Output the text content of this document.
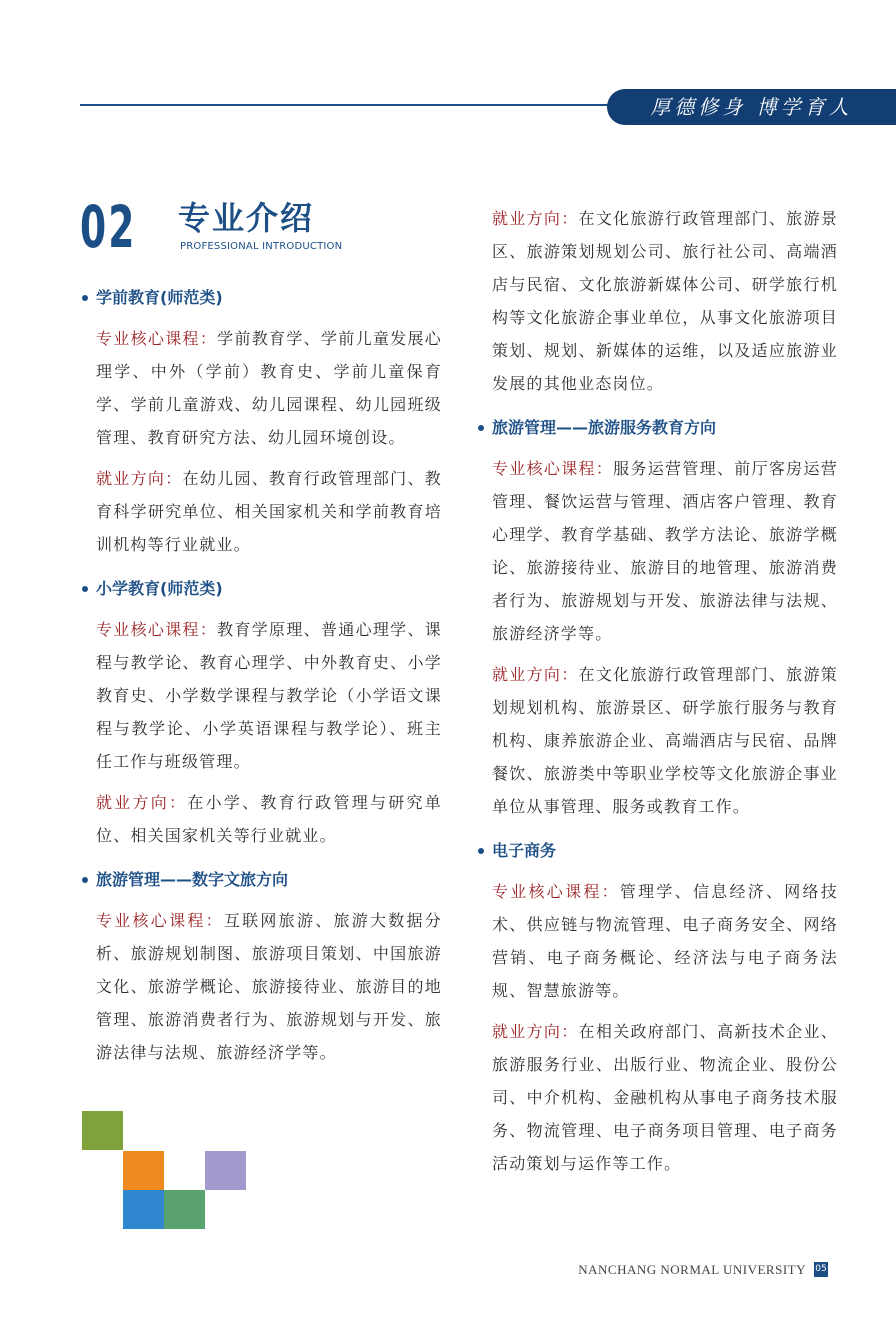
厚德修身 博学育人
02 专业介绍
PROFESSIONAL INTRODUCTION
学前教育(师范类)

专业核心课程：学前教育学、学前儿童发展心理学、中外（学前）教育史、学前儿童保育学、学前儿童游戏、幼儿园课程、幼儿园班级管理、教育研究方法、幼儿园环境创设。

就业方向：在幼儿园、教育行政管理部门、教育科学研究单位、相关国家机关和学前教育培训机构等行业就业。

小学教育(师范类)

专业核心课程：教育学原理、普通心理学、课程与教学论、教育心理学、中外教育史、小学教育史、小学数学课程与教学论（小学语文课程与教学论、小学英语课程与教学论）、班主任工作与班级管理。

就业方向：在小学、教育行政管理与研究单位、相关国家机关等行业就业。

旅游管理——数字文旅方向

专业核心课程：互联网旅游、旅游大数据分析、旅游规划制图、旅游项目策划、中国旅游文化、旅游学概论、旅游接待业、旅游目的地管理、旅游消费者行为、旅游规划与开发、旅游法律与法规、旅游经济学等。

就业方向：在文化旅游行政管理部门、旅游景区、旅游策划规划公司、旅行社公司、高端酒店与民宿、文化旅游新媒体公司、研学旅行机构等文化旅游企事业单位，从事文化旅游项目策划、规划、新媒体的运维，以及适应旅游业发展的其他业态岗位。

旅游管理——旅游服务教育方向

专业核心课程：服务运营管理、前厅客房运营管理、餐饮运营与管理、酒店客户管理、教育心理学、教育学基础、教学方法论、旅游学概论、旅游接待业、旅游目的地管理、旅游消费者行为、旅游规划与开发、旅游法律与法规、旅游经济学等。

就业方向：在文化旅游行政管理部门、旅游策划规划机构、旅游景区、研学旅行服务与教育机构、康养旅游企业、高端酒店与民宿、品牌餐饮、旅游类中等职业学校等文化旅游企事业单位从事管理、服务或教育工作。

电子商务

专业核心课程：管理学、信息经济、网络技术、供应链与物流管理、电子商务安全、网络营销、电子商务概论、经济法与电子商务法规、智慧旅游等。

就业方向：在相关政府部门、高新技术企业、旅游服务行业、出版行业、物流企业、股份公司、中介机构、金融机构从事电子商务技术服务、物流管理、电子商务项目管理、电子商务活动策划与运作等工作。

NANCHANG NORMAL UNIVERSITY 05
